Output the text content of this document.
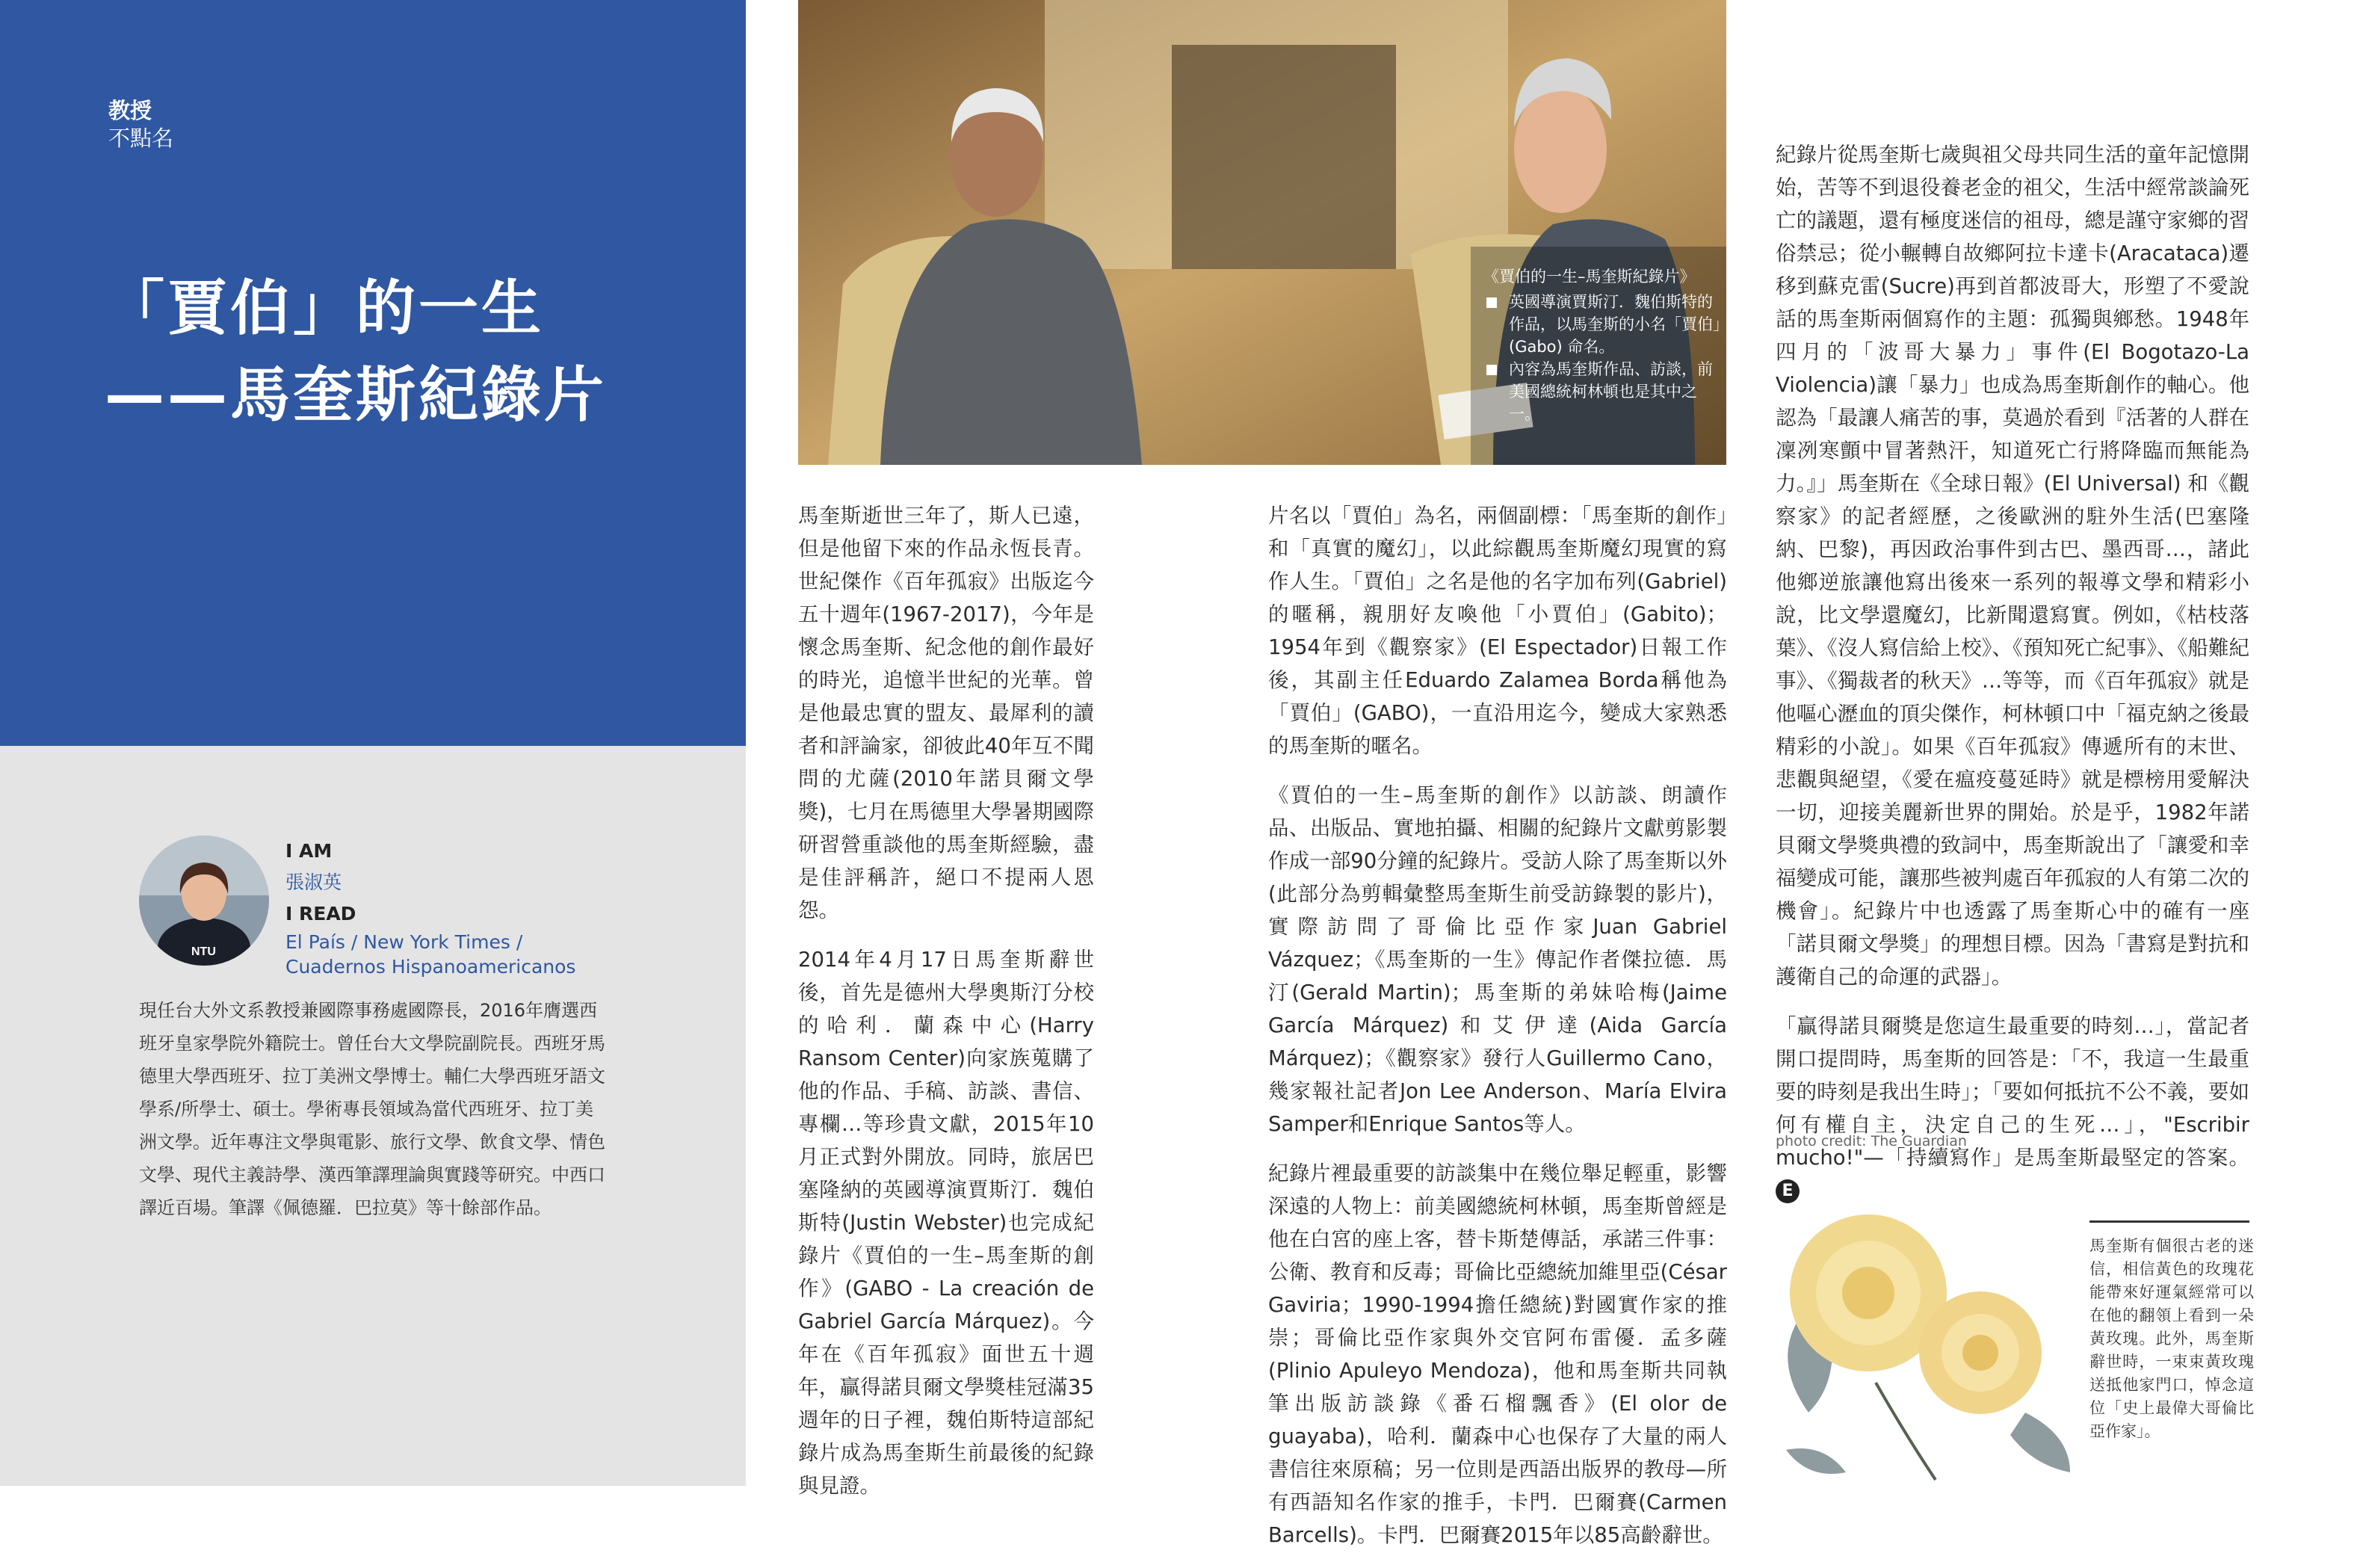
教授
不點名
「賈伯」的一生
——馬奎斯紀錄片
NTU
I AM
張淑英
I READ
El País / New York Times /
Cuadernos Hispanoamericanos
現任台大外文系教授兼國際事務處國際長，2016年膺選西班牙皇家學院外籍院士。曾任台大文學院副院長。西班牙馬德里大學西班牙、拉丁美洲文學博士。輔仁大學西班牙語文學系/所學士、碩士。學術專長領域為當代西班牙、拉丁美洲文學。近年專注文學與電影、旅行文學、飲食文學、情色文學、現代主義詩學、漢西筆譯理論與實踐等研究。中西口譯近百場。筆譯《佩德羅．巴拉莫》等十餘部作品。
《賈伯的一生–馬奎斯紀錄片》
英國導演賈斯汀．魏伯斯特的作品，以馬奎斯的小名「賈伯」(Gabo) 命名。
內容為馬奎斯作品、訪談，前美國總統柯林頓也是其中之一。

馬奎斯逝世三年了，斯人已遠，但是他留下來的作品永恆長青。世紀傑作《百年孤寂》出版迄今五十週年(1967-2017)，今年是懷念馬奎斯、紀念他的創作最好的時光，追憶半世紀的光華。曾是他最忠實的盟友、最犀利的讀者和評論家，卻彼此40年互不聞問的尤薩(2010年諾貝爾文學獎)，七月在馬德里大學暑期國際研習營重談他的馬奎斯經驗，盡是佳評稱許，絕口不提兩人恩怨。

2014年4月17日馬奎斯辭世後，首先是德州大學奧斯汀分校的哈利．蘭森中心(Harry Ransom Center)向家族蒐購了他的作品、手稿、訪談、書信、專欄…等珍貴文獻，2015年10月正式對外開放。同時，旅居巴塞隆納的英國導演賈斯汀．魏伯斯特(Justin Webster)也完成紀錄片《賈伯的一生–馬奎斯的創作》(GABO - La creación de Gabriel García Márquez)。今年在《百年孤寂》面世五十週年，贏得諾貝爾文學獎桂冠滿35週年的日子裡，魏伯斯特這部紀錄片成為馬奎斯生前最後的紀錄與見證。

片名以「賈伯」為名，兩個副標：「馬奎斯的創作」和「真實的魔幻」，以此綜觀馬奎斯魔幻現實的寫作人生。「賈伯」之名是他的名字加布列(Gabriel)的暱稱，親朋好友喚他「小賈伯」(Gabito)；1954年到《觀察家》(El Espectador)日報工作後，其副主任Eduardo Zalamea Borda稱他為「賈伯」(GABO)，一直沿用迄今，變成大家熟悉的馬奎斯的暱名。

《賈伯的一生–馬奎斯的創作》以訪談、朗讀作品、出版品、實地拍攝、相關的紀錄片文獻剪影製作成一部90分鐘的紀錄片。受訪人除了馬奎斯以外(此部分為剪輯彙整馬奎斯生前受訪錄製的影片)，實際訪問了哥倫比亞作家Juan Gabriel Vázquez；《馬奎斯的一生》傳記作者傑拉德．馬汀(Gerald Martin)；馬奎斯的弟妹哈梅(Jaime García Márquez)和艾伊達(Aida García Márquez)；《觀察家》發行人Guillermo Cano，幾家報社記者Jon Lee Anderson、María Elvira Samper和Enrique Santos等人。

紀錄片裡最重要的訪談集中在幾位舉足輕重，影響深遠的人物上：前美國總統柯林頓，馬奎斯曾經是他在白宮的座上客，替卡斯楚傳話，承諾三件事：公衛、教育和反毒；哥倫比亞總統加維里亞(César Gaviria；1990-1994擔任總統)對國實作家的推崇；哥倫比亞作家與外交官阿布雷優．孟多薩(Plinio Apuleyo Mendoza)，他和馬奎斯共同執筆出版訪談錄《番石榴飄香》(El olor de guayaba)，哈利．蘭森中心也保存了大量的兩人書信往來原稿；另一位則是西語出版界的教母—所有西語知名作家的推手，卡門．巴爾賽(Carmen Barcells)。卡門．巴爾賽2015年以85高齡辭世。

紀錄片從馬奎斯七歲與祖父母共同生活的童年記憶開始，苦等不到退役養老金的祖父，生活中經常談論死亡的議題，還有極度迷信的祖母，總是謹守家鄉的習俗禁忌；從小輾轉自故鄉阿拉卡達卡(Aracataca)遷移到蘇克雷(Sucre)再到首都波哥大，形塑了不愛說話的馬奎斯兩個寫作的主題：孤獨與鄉愁。1948年四月的「波哥大暴力」事件(El Bogotazo-La Violencia)讓「暴力」也成為馬奎斯創作的軸心。他認為「最讓人痛苦的事，莫過於看到『活著的人群在凜冽寒顫中冒著熱汗，知道死亡行將降臨而無能為力。』」馬奎斯在《全球日報》(El Universal) 和《觀察家》的記者經歷，之後歐洲的駐外生活(巴塞隆納、巴黎)，再因政治事件到古巴、墨西哥…，諸此他鄉逆旅讓他寫出後來一系列的報導文學和精彩小說，比文學還魔幻，比新聞還寫實。例如，《枯枝落葉》、《沒人寫信給上校》、《預知死亡紀事》、《船難紀事》、《獨裁者的秋天》…等等，而《百年孤寂》就是他嘔心瀝血的頂尖傑作，柯林頓口中「福克納之後最精彩的小說」。如果《百年孤寂》傳遞所有的末世、悲觀與絕望，《愛在瘟疫蔓延時》就是標榜用愛解決一切，迎接美麗新世界的開始。於是乎，1982年諾貝爾文學獎典禮的致詞中，馬奎斯說出了「讓愛和幸福變成可能，讓那些被判處百年孤寂的人有第二次的機會」。紀錄片中也透露了馬奎斯心中的確有一座「諾貝爾文學獎」的理想目標。因為「書寫是對抗和護衛自己的命運的武器」。

「贏得諾貝爾獎是您這生最重要的時刻…」，當記者開口提問時，馬奎斯的回答是：「不，我這一生最重要的時刻是我出生時」；「要如何抵抗不公不義，要如何有權自主，決定自己的生死…」，"Escribir mucho!"—「持續寫作」是馬奎斯最堅定的答案。 E

photo credit: The Guardian
馬奎斯有個很古老的迷信，相信黃色的玫瑰花能帶來好運氣經常可以在他的翻領上看到一朵黃玫瑰。此外，馬奎斯辭世時，一束束黃玫瑰送抵他家門口，悼念這位「史上最偉大哥倫比亞作家」。
